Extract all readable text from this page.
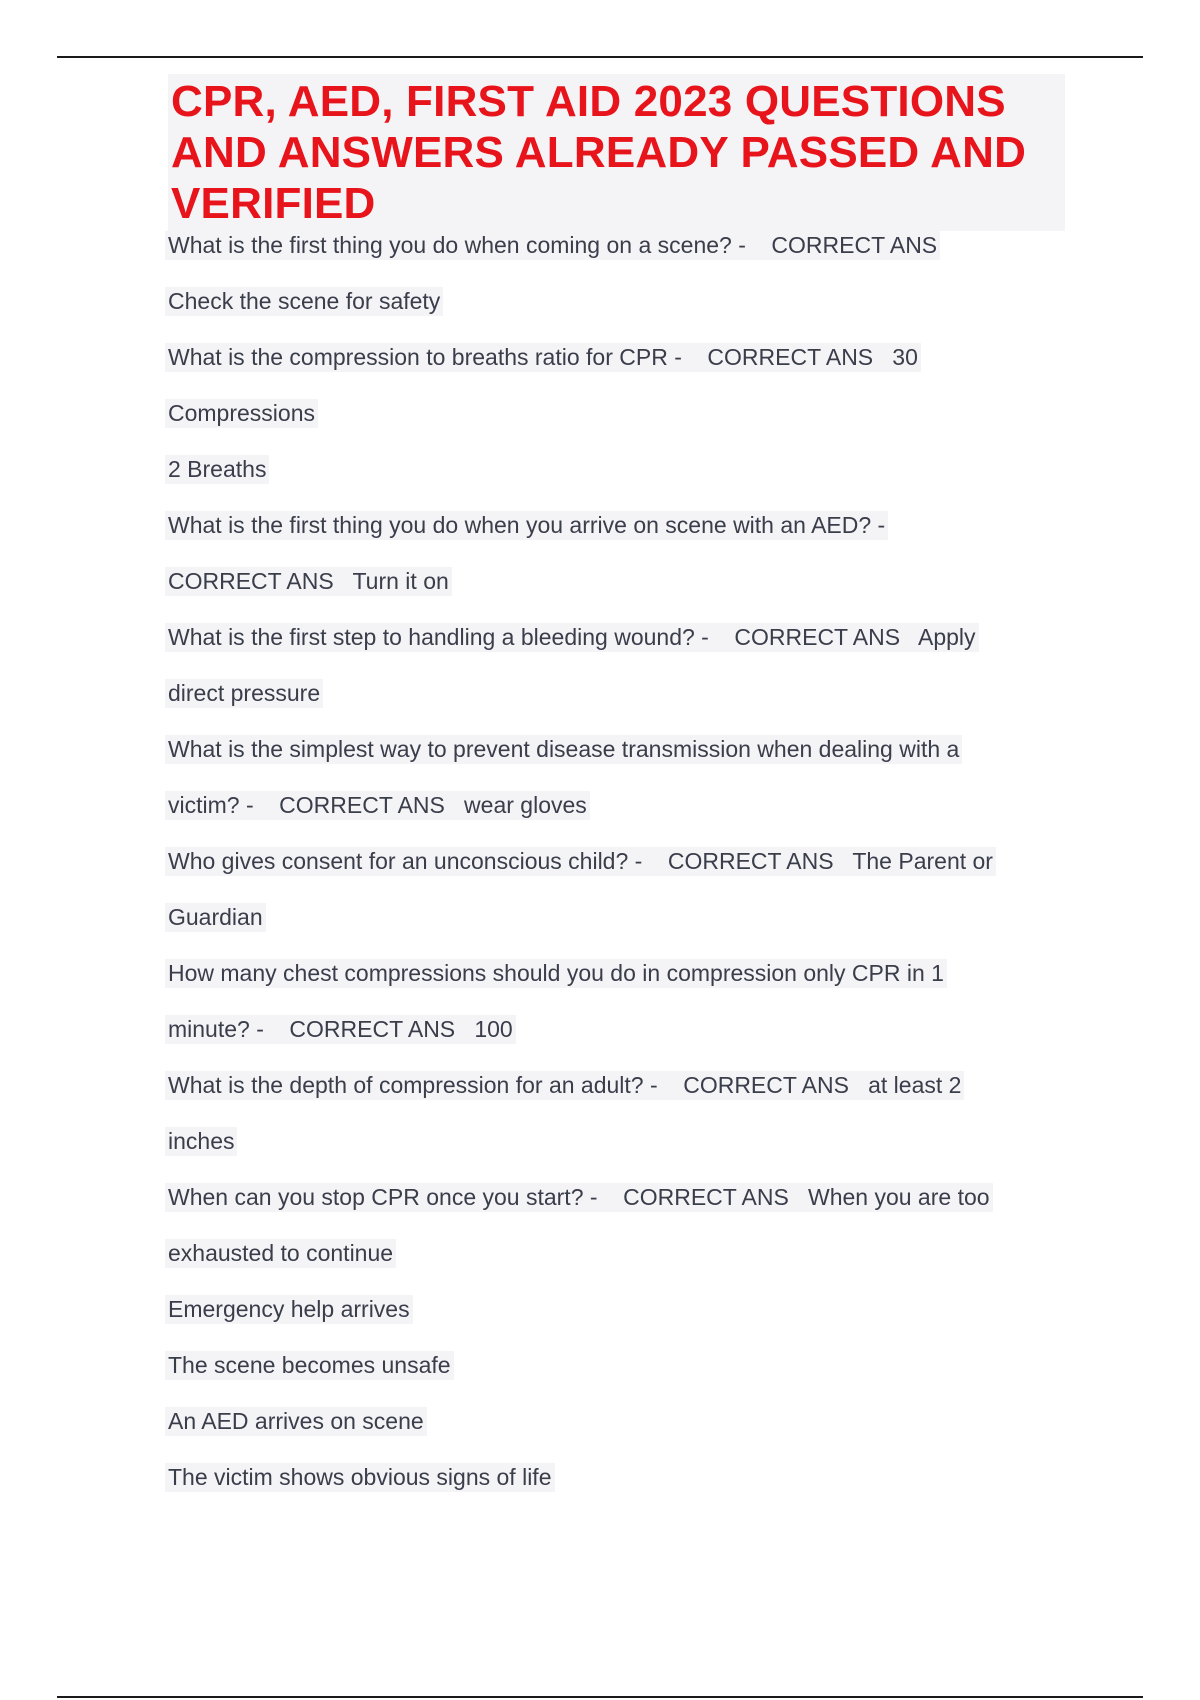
CPR, AED, FIRST AID 2023 QUESTIONS AND ANSWERS ALREADY PASSED AND VERIFIED
What is the first thing you do when coming on a scene? -    CORRECT ANS
Check the scene for safety
What is the compression to breaths ratio for CPR -    CORRECT ANS   30
Compressions
2 Breaths
What is the first thing you do when you arrive on scene with an AED? -
CORRECT ANS   Turn it on
What is the first step to handling a bleeding wound? -    CORRECT ANS   Apply
direct pressure
What is the simplest way to prevent disease transmission when dealing with a
victim? -    CORRECT ANS   wear gloves
Who gives consent for an unconscious child? -    CORRECT ANS   The Parent or
Guardian
How many chest compressions should you do in compression only CPR in 1
minute? -    CORRECT ANS   100
What is the depth of compression for an adult? -    CORRECT ANS   at least 2
inches
When can you stop CPR once you start? -    CORRECT ANS   When you are too
exhausted to continue
Emergency help arrives
The scene becomes unsafe
An AED arrives on scene
The victim shows obvious signs of life
